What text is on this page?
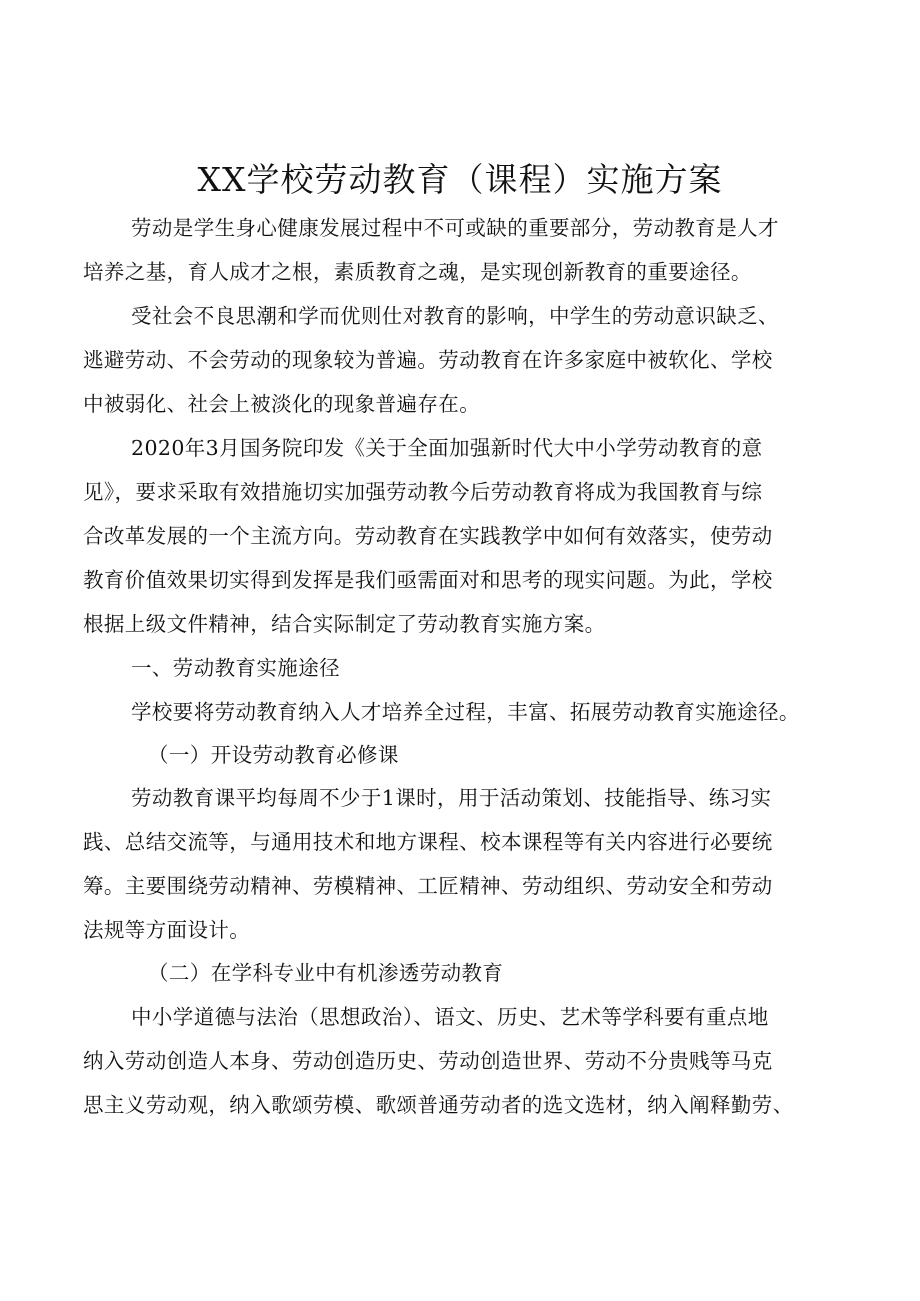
XX学校劳动教育（课程）实施方案
劳动是学生身心健康发展过程中不可或缺的重要部分，劳动教育是人才
培养之基，育人成才之根，素质教育之魂，是实现创新教育的重要途径。
受社会不良思潮和学而优则仕对教育的影响，中学生的劳动意识缺乏、
逃避劳动、不会劳动的现象较为普遍。劳动教育在许多家庭中被软化、学校
中被弱化、社会上被淡化的现象普遍存在。
2020年3月国务院印发《关于全面加强新时代大中小学劳动教育的意
见》，要求采取有效措施切实加强劳动教今后劳动教育将成为我国教育与综
合改革发展的一个主流方向。劳动教育在实践教学中如何有效落实，使劳动
教育价值效果切实得到发挥是我们亟需面对和思考的现实问题。为此，学校
根据上级文件精神，结合实际制定了劳动教育实施方案。
一、劳动教育实施途径
学校要将劳动教育纳入人才培养全过程，丰富、拓展劳动教育实施途径。
（一）开设劳动教育必修课
劳动教育课平均每周不少于1课时，用于活动策划、技能指导、练习实
践、总结交流等，与通用技术和地方课程、校本课程等有关内容进行必要统
筹。主要围绕劳动精神、劳模精神、工匠精神、劳动组织、劳动安全和劳动
法规等方面设计。
（二）在学科专业中有机渗透劳动教育
中小学道德与法治（思想政治）、语文、历史、艺术等学科要有重点地
纳入劳动创造人本身、劳动创造历史、劳动创造世界、劳动不分贵贱等马克
思主义劳动观，纳入歌颂劳模、歌颂普通劳动者的选文选材，纳入阐释勤劳、
